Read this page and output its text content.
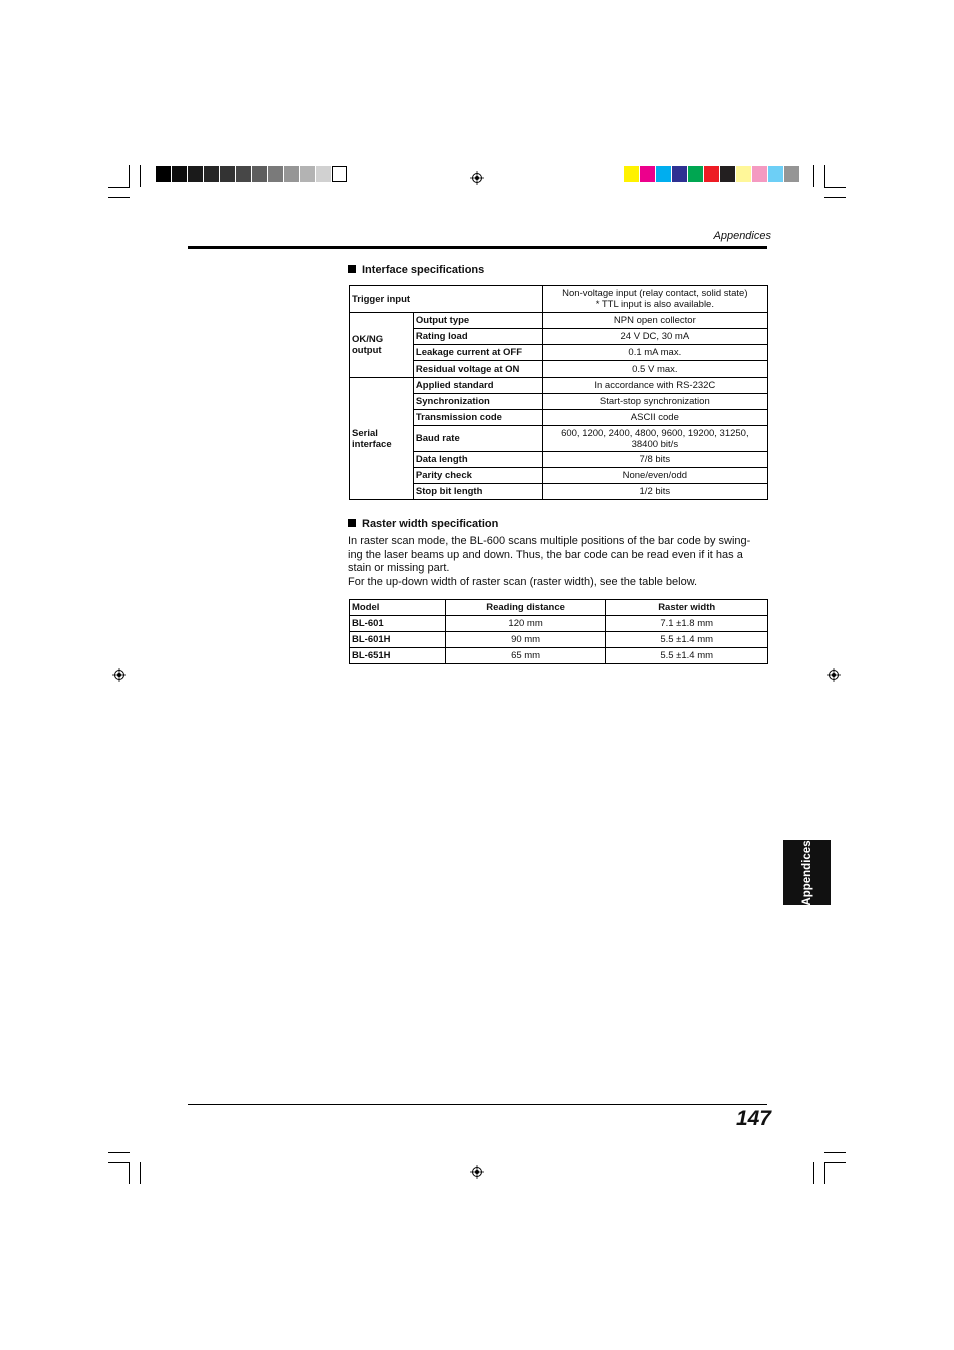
Appendices
Interface specifications
Trigger input		Non-voltage input (relay contact, solid state)
* TTL input is also available.

OK/NG
output	Output type	NPN open collector
	Rating load	24 V DC, 30 mA
	Leakage current at OFF	0.1 mA max.
	Residual voltage at ON	0.5 V max.

Serial
interface	Applied standard	In accordance with RS-232C
	Synchronization	Start-stop synchronization
	Transmission code	ASCII code
	Baud rate	600, 1200, 2400, 4800, 9600, 19200, 31250,
38400 bit/s

	Data length	7/8 bits
	Parity check	None/even/odd
	Stop bit length	1/2 bits
Raster width specification
In raster scan mode, the BL-600 scans multiple positions of the bar code by swing-
ing the laser beams up and down. Thus, the bar code can be read even if it has a
stain or missing part.
For the up-down width of raster scan (raster width), see the table below.
Model	Reading distance	Raster width
BL-601	120 mm	7.1 ±1.8 mm
BL-601H	90 mm	5.5 ±1.4 mm
BL-651H	65 mm	5.5 ±1.4 mm
Appendices
147
